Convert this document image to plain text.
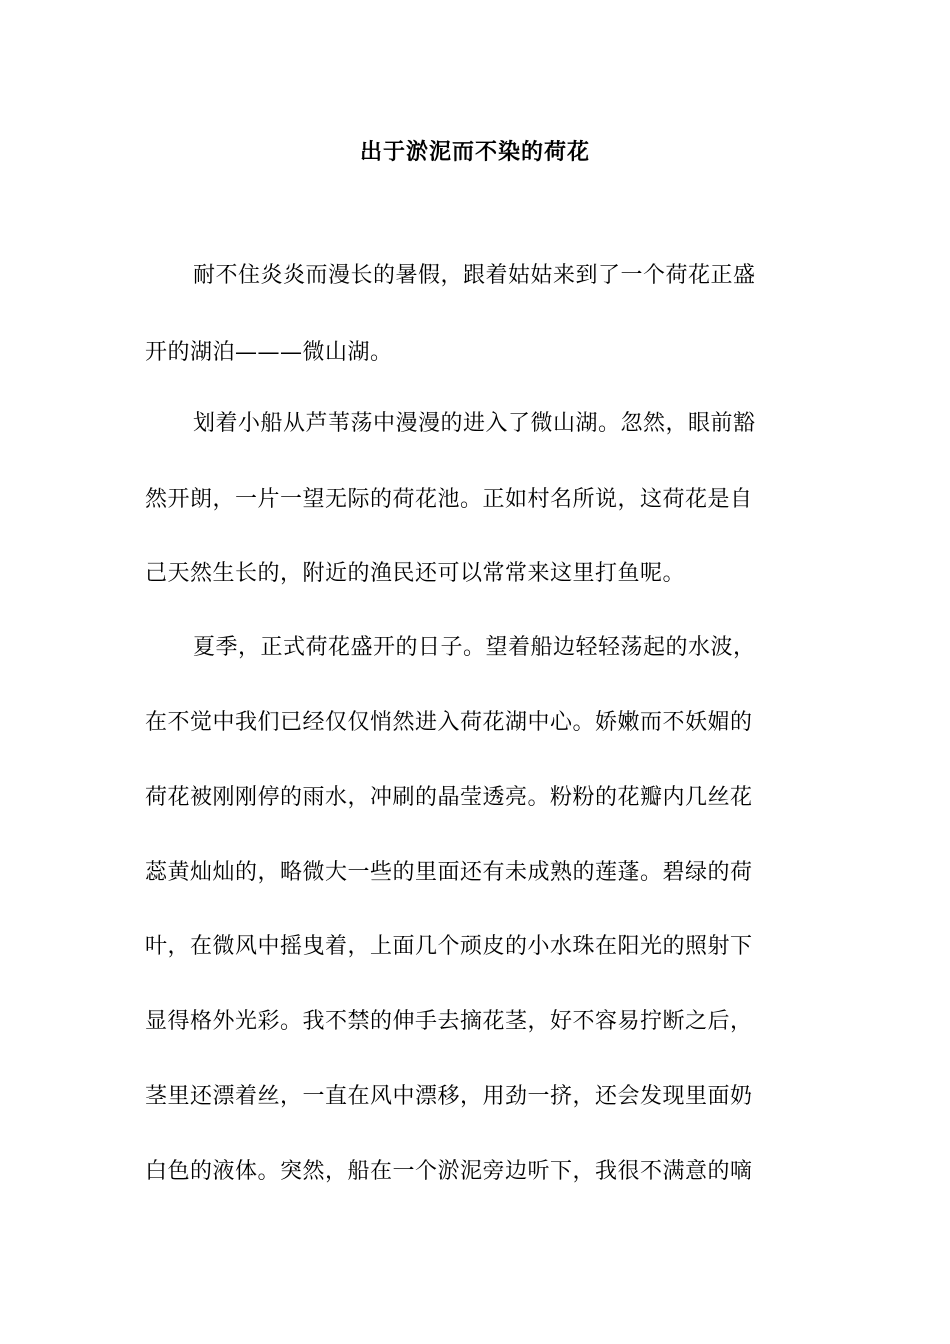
出于淤泥而不染的荷花
耐不住炎炎而漫长的暑假，跟着姑姑来到了一个荷花正盛
开的湖泊———微山湖。
划着小船从芦苇荡中漫漫的进入了微山湖。忽然，眼前豁
然开朗，一片一望无际的荷花池。正如村名所说，这荷花是自
己天然生长的，附近的渔民还可以常常来这里打鱼呢。
夏季，正式荷花盛开的日子。望着船边轻轻荡起的水波，
在不觉中我们已经仅仅悄然进入荷花湖中心。娇嫩而不妖媚的
荷花被刚刚停的雨水，冲刷的晶莹透亮。粉粉的花瓣内几丝花
蕊黄灿灿的，略微大一些的里面还有未成熟的莲蓬。碧绿的荷
叶，在微风中摇曳着，上面几个顽皮的小水珠在阳光的照射下
显得格外光彩。我不禁的伸手去摘花茎，好不容易拧断之后，
茎里还漂着丝，一直在风中漂移，用劲一挤，还会发现里面奶
白色的液体。突然，船在一个淤泥旁边听下，我很不满意的嘀
